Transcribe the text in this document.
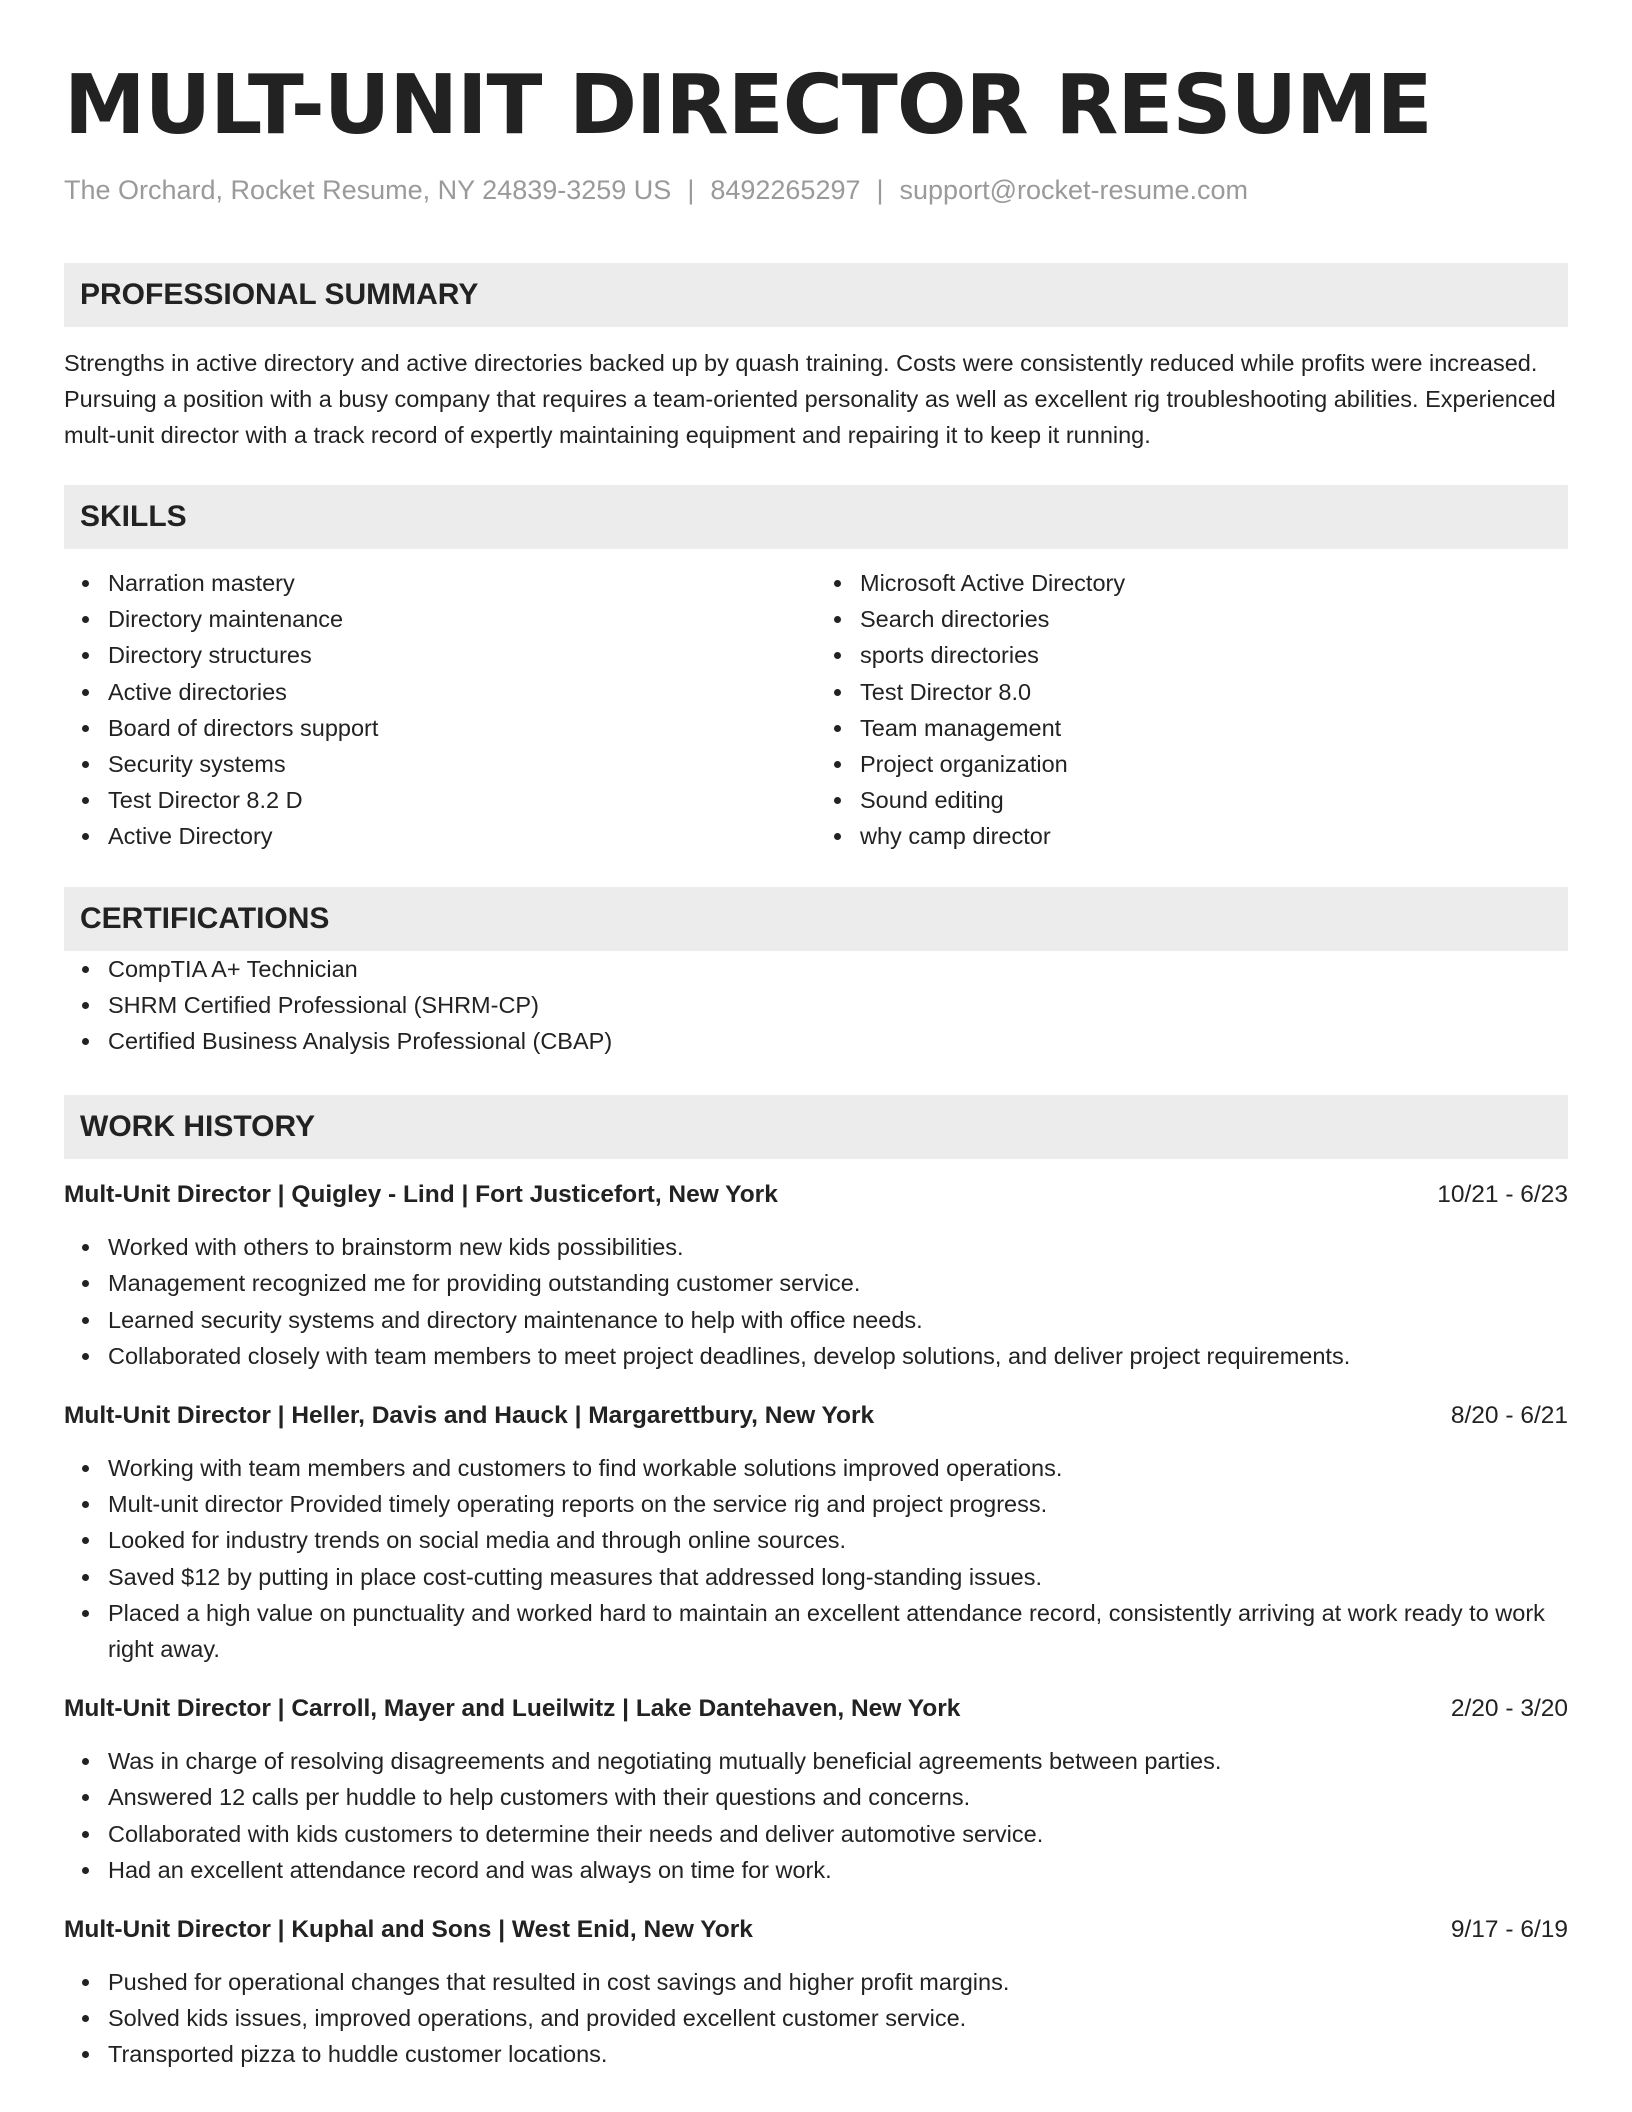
MULT-UNIT DIRECTOR RESUME
The Orchard, Rocket Resume, NY 24839-3259 US | 8492265297 | support@rocket-resume.com
PROFESSIONAL SUMMARY

Strengths in active directory and active directories backed up by quash training. Costs were consistently reduced while profits were increased. Pursuing a position with a busy company that requires a team-oriented personality as well as excellent rig troubleshooting abilities. Experienced mult-unit director with a track record of expertly maintaining equipment and repairing it to keep it running.

SKILLS
Narration mastery
Directory maintenance
Directory structures
Active directories
Board of directors support
Security systems
Test Director 8.2 D
Active Directory
Microsoft Active Directory
Search directories
sports directories
Test Director 8.0
Team management
Project organization
Sound editing
why camp director
CERTIFICATIONS
CompTIA A+ Technician
SHRM Certified Professional (SHRM-CP)
Certified Business Analysis Professional (CBAP)
WORK HISTORY
Mult-Unit Director | Quigley - Lind | Fort Justicefort, New York	10/21 - 6/23
Worked with others to brainstorm new kids possibilities.
Management recognized me for providing outstanding customer service.
Learned security systems and directory maintenance to help with office needs.
Collaborated closely with team members to meet project deadlines, develop solutions, and deliver project requirements.
Mult-Unit Director | Heller, Davis and Hauck | Margarettbury, New York	8/20 - 6/21
Working with team members and customers to find workable solutions improved operations.
Mult-unit director Provided timely operating reports on the service rig and project progress.
Looked for industry trends on social media and through online sources.
Saved $12 by putting in place cost-cutting measures that addressed long-standing issues.
Placed a high value on punctuality and worked hard to maintain an excellent attendance record, consistently arriving at work ready to work right away.
Mult-Unit Director | Carroll, Mayer and Lueilwitz | Lake Dantehaven, New York	2/20 - 3/20
Was in charge of resolving disagreements and negotiating mutually beneficial agreements between parties.
Answered 12 calls per huddle to help customers with their questions and concerns.
Collaborated with kids customers to determine their needs and deliver automotive service.
Had an excellent attendance record and was always on time for work.
Mult-Unit Director | Kuphal and Sons | West Enid, New York	9/17 - 6/19
Pushed for operational changes that resulted in cost savings and higher profit margins.
Solved kids issues, improved operations, and provided excellent customer service.
Transported pizza to huddle customer locations.
